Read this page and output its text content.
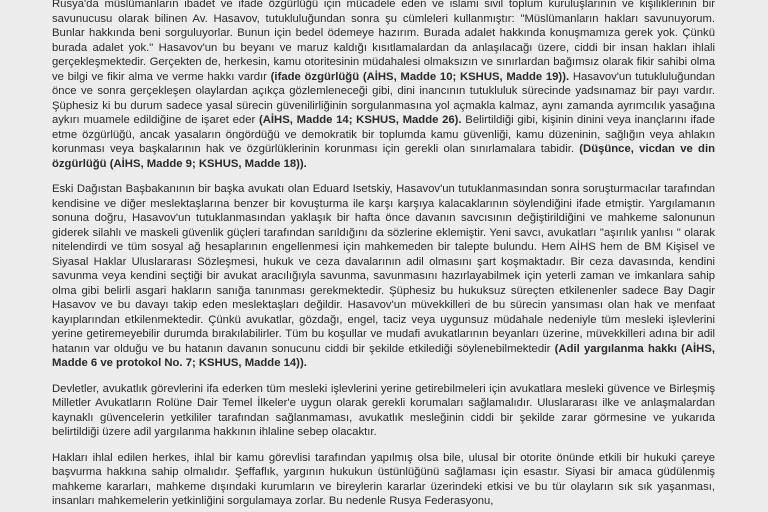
Rusya'da müslümanların ibadet ve ifade özgürlüğü için mücadele eden ve islami sivil toplum kuruluşlarının ve kişiliklerinin bir savunucusu olarak bilinen Av. Hasavov, tutukluluğundan sonra şu cümleleri kullanmıştır: "Müslümanların hakları savunuyorum. Bunlar hakkında beni sorguluyorlar. Bunun için bedel ödemeye hazırım. Burada adalet hakkında konuşmamıza gerek yok. Çünkü burada adalet yok." Hasavov'un bu beyanı ve maruz kaldığı kısıtlamalardan da anlaşılacağı üzere, ciddi bir insan hakları ihlali gerçekleşmektedir. Gerçekten de, herkesin, kamu otoritesinin müdahalesi olmaksızın ve sınırlardan bağımsız olarak fikir sahibi olma ve bilgi ve fikir alma ve verme hakkı vardır (ifade özgürlüğü (AİHS, Madde 10; KSHUS, Madde 19)). Hasavov'un tutukluluğundan önce ve sonra gerçekleşen olaylardan açıkça gözlemleneceği gibi, dini inancının tutukluluk sürecinde yadsınamaz bir payı vardır. Şüphesiz ki bu durum sadece yasal sürecin güvenilirliğinin sorgulanmasına yol açmakla kalmaz, aynı zamanda ayrımcılık yasağına aykırı muamele edildiğine de işaret eder (AİHS, Madde 14; KSHUS, Madde 26). Belirtildiği gibi, kişinin dinini veya inançlarını ifade etme özgürlüğü, ancak yasaların öngördüğü ve demokratik bir toplumda kamu güvenliği, kamu düzeninin, sağlığın veya ahlakın korunması veya başkalarının hak ve özgürlüklerinin korunması için gerekli olan sınırlamalara tabidir. (Düşünce, vicdan ve din özgürlüğü (AİHS, Madde 9; KSHUS, Madde 18)).

Eski Dağıstan Başbakanının bir başka avukatı olan Eduard Isetskiy, Hasavov'un tutuklanmasından sonra soruşturmacılar tarafından kendisine ve diğer meslektaşlarına benzer bir kovuşturma ile karşı karşıya kalacaklarının söylendiğini ifade etmiştir. Yargılamanın sonuna doğru, Hasavov'un tutuklanmasından yaklaşık bir hafta önce davanın savcısının değiştirildiğini ve mahkeme salonunun giderek silahlı ve maskeli güvenlik güçleri tarafından sarıldığını da sözlerine eklemiştir. Yeni savcı, avukatları "aşırılık yanlısı " olarak nitelendirdi ve tüm sosyal ağ hesaplarının engellenmesi için mahkemeden bir talepte bulundu. Hem AİHS hem de BM Kişisel ve Siyasal Haklar Uluslararası Sözleşmesi, hukuk ve ceza davalarının adil olmasını şart koşmaktadır. Bir ceza davasında, kendini savunma veya kendini seçtiği bir avukat aracılığıyla savunma, savunmasını hazırlayabilmek için yeterli zaman ve imkanlara sahip olma gibi belirli asgari hakların sanığa tanınması gerekmektedir. Şüphesiz bu hukuksuz süreçten etkilenenler sadece Bay Dagir Hasavov ve bu davayı takip eden meslektaşları değildir. Hasavov'un müvekkilleri de bu sürecin yansıması olan hak ve menfaat kayıplarından etkilenmektedir. Çünkü avukatlar, gözdağı, engel, taciz veya uygunsuz müdahale nedeniyle tüm mesleki işlevlerini yerine getiremeyebilir durumda bırakılabilirler. Tüm bu koşullar ve mudafi avukatlarının beyanları üzerine, müvekkilleri adına bir adil hatanın var olduğu ve bu hatanın davanın sonucunu ciddi bir şekilde etkilediği söylenebilmektedir (Adil yargılanma hakkı (AİHS, Madde 6 ve protokol No. 7; KSHUS, Madde 14)).

Devletler, avukatlık görevlerini ifa ederken tüm mesleki işlevlerini yerine getirebilmeleri için avukatlara mesleki güvence ve Birleşmiş Milletler Avukatların Rolüne Dair Temel İlkeler'e uygun olarak gerekli korumaları sağlamalıdır. Uluslararası ilke ve anlaşmalardan kaynaklı güvencelerin yetkililer tarafından sağlanmaması, avukatlık mesleğinin ciddi bir şekilde zarar görmesine ve yukarıda belirtildiği üzere adil yargılanma hakkının ihlaline sebep olacaktır.

Hakları ihlal edilen herkes, ihlal bir kamu görevlisi tarafından yapılmış olsa bile, ulusal bir otorite önünde etkili bir hukuki çareye başvurma hakkına sahip olmalıdır. Şeffaflık, yargının hukukun üstünlüğünü sağlaması için esastır. Siyasi bir amaca güdülenmiş mahkeme kararları, mahkeme dışındaki kurumların ve bireylerin kararlar üzerindeki etkisi ve bu tür olayların sık sık yaşanması, insanları mahkemelerin yetkinliğini sorgulamaya zorlar. Bu nedenle Rusya Federasyonu,
